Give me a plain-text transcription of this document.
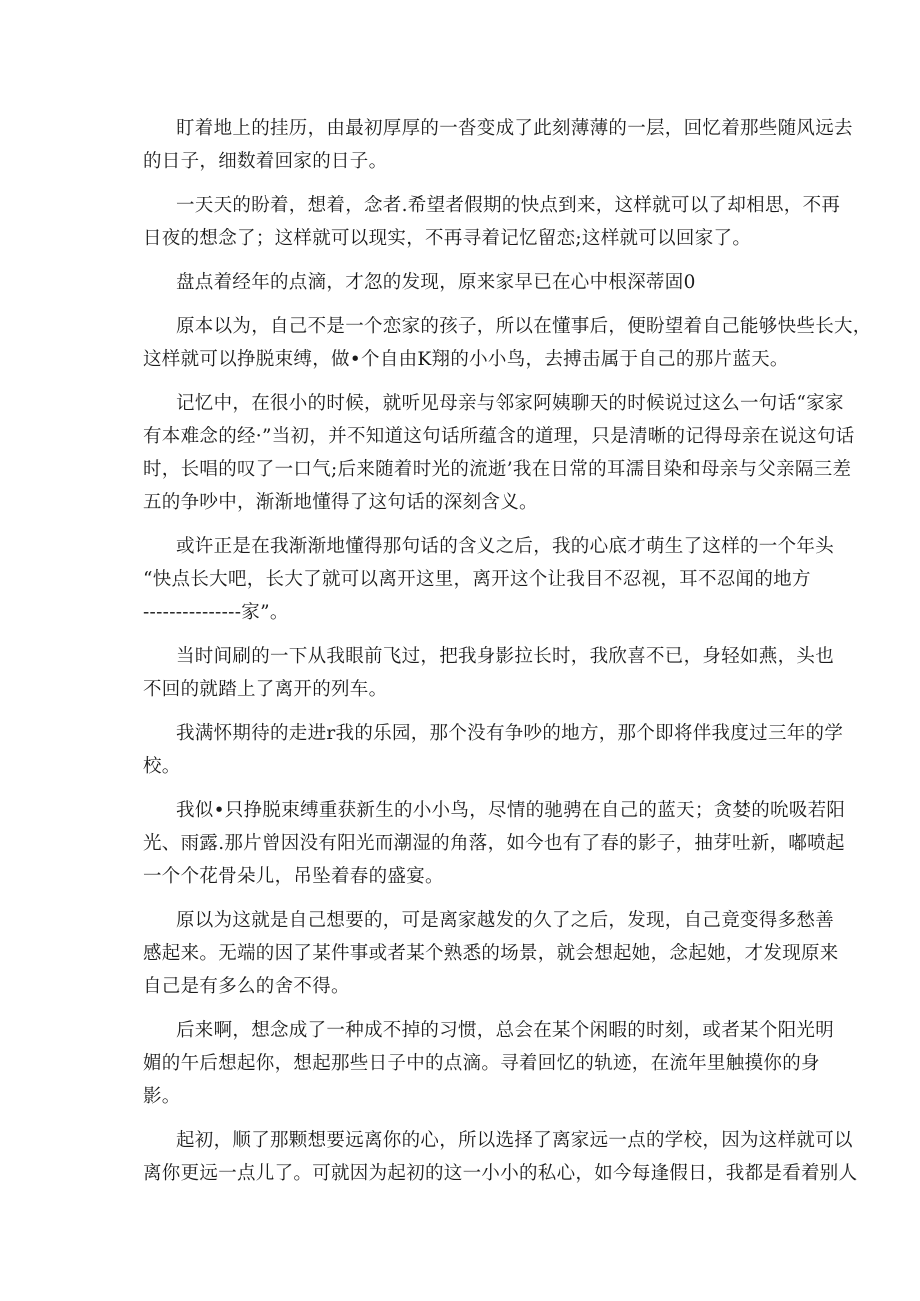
盯着地上的挂历，由最初厚厚的一沓变成了此刻薄薄的一层，回忆着那些随风远去
的日子，细数着回家的日子。

一天天的盼着，想着，念者.希望者假期的快点到来，这样就可以了却相思，不再
日夜的想念了；这样就可以现实，不再寻着记忆留恋;这样就可以回家了。

盘点着经年的点滴，才忽的发现，原来家早已在心中根深蒂固0

原本以为，自己不是一个恋家的孩子，所以在懂事后，便盼望着自己能够快些长大，
这样就可以挣脱束缚，做•个自由K翔的小小鸟，去搏击属于自己的那片蓝天。

记忆中，在很小的时候，就听见母亲与邻家阿姨聊天的时候说过这么一句话“家家
有本难念的经·”当初，并不知道这句话所蕴含的道理，只是清晰的记得母亲在说这句话
时，长唱的叹了一口气;后来随着时光的流逝’我在日常的耳濡目染和母亲与父亲隔三差
五的争吵中，渐渐地懂得了这句话的深刻含义。

或许正是在我渐渐地懂得那句话的含义之后，我的心底才萌生了这样的一个年头
“快点长大吧，长大了就可以离开这里，离开这个让我目不忍视，耳不忍闻的地方
---------------家”。

当时间刷的一下从我眼前飞过，把我身影拉长时，我欣喜不已，身轻如燕，头也
不回的就踏上了离开的列车。

我满怀期待的走进r我的乐园，那个没有争吵的地方，那个即将伴我度过三年的学
校。

我似•只挣脱束缚重获新生的小小鸟，尽情的驰骋在自己的蓝天；贪婪的吮吸若阳
光、雨露.那片曾因没有阳光而潮湿的角落，如今也有了春的影子，抽芽吐新，嘟喷起
一个个花骨朵儿，吊坠着春的盛宴。

原以为这就是自己想要的，可是离家越发的久了之后，发现，自己竟变得多愁善
感起来。无端的因了某件事或者某个熟悉的场景，就会想起她，念起她，才发现原来
自己是有多么的舍不得。

后来啊，想念成了一种成不掉的习惯，总会在某个闲暇的时刻，或者某个阳光明
媚的午后想起你，想起那些日子中的点滴。寻着回忆的轨迹，在流年里触摸你的身
影。

起初，顺了那颗想要远离你的心，所以选择了离家远一点的学校，因为这样就可以
离你更远一点儿了。可就因为起初的这一小小的私心，如今每逢假日，我都是看着别人
